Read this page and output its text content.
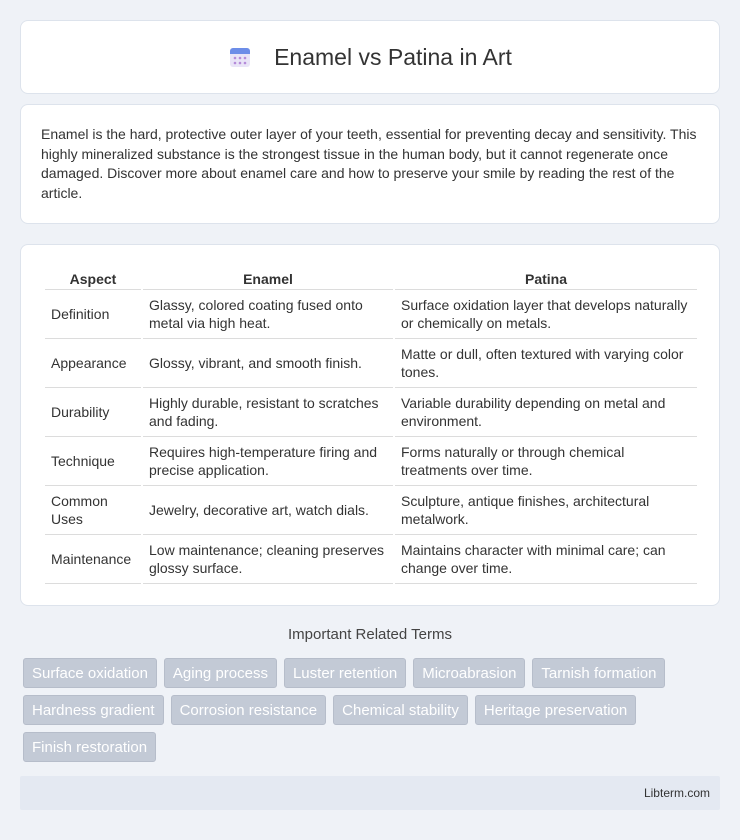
Enamel vs Patina in Art

Enamel is the hard, protective outer layer of your teeth, essential for preventing decay and sensitivity. This highly mineralized substance is the strongest tissue in the human body, but it cannot regenerate once damaged. Discover more about enamel care and how to preserve your smile by reading the rest of the article.

Aspect	Enamel	Patina
Definition	Glassy, colored coating fused onto metal via high heat.	Surface oxidation layer that develops naturally or chemically on metals.
Appearance	Glossy, vibrant, and smooth finish.	Matte or dull, often textured with varying color tones.
Durability	Highly durable, resistant to scratches and fading.	Variable durability depending on metal and environment.
Technique	Requires high-temperature firing and precise application.	Forms naturally or through chemical treatments over time.
Common Uses	Jewelry, decorative art, watch dials.	Sculpture, antique finishes, architectural metalwork.
Maintenance	Low maintenance; cleaning preserves glossy surface.	Maintains character with minimal care; can change over time.
Important Related Terms
Surface oxidation	Aging process	Luster retention	Microabrasion	Tarnish formation
Hardness gradient	Corrosion resistance	Chemical stability	Heritage preservation
Finish restoration
Libterm.com
